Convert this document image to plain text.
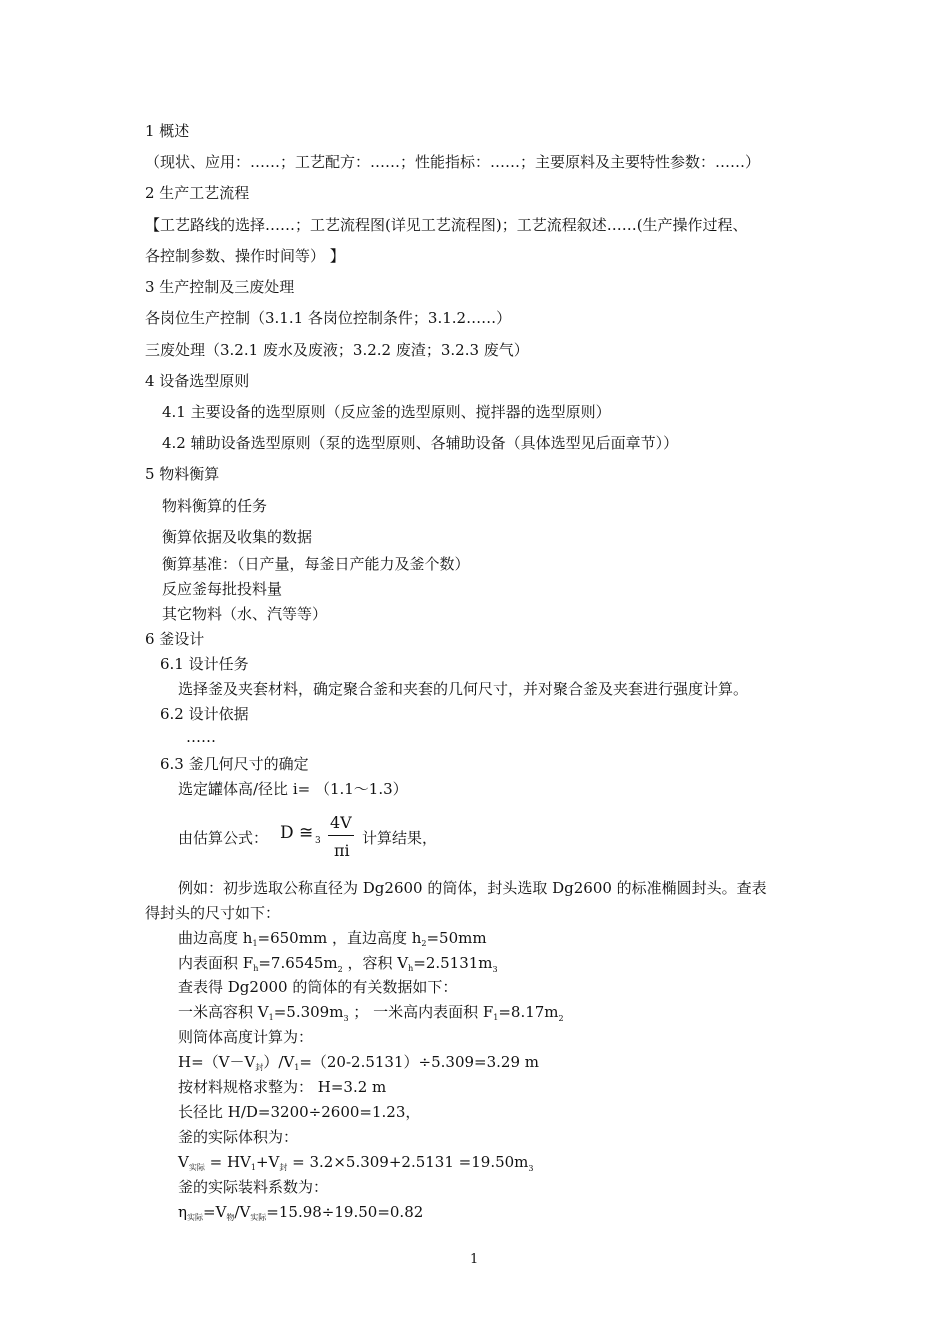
1 概述
（现状、应用：……；工艺配方：……；性能指标：……；主要原料及主要特性参数：……）
2 生产工艺流程
【工艺路线的选择……；工艺流程图(详见工艺流程图)；工艺流程叙述……(生产操作过程、
各控制参数、操作时间等） 】
3 生产控制及三废处理
各岗位生产控制（3.1.1 各岗位控制条件；3.1.2……）
三废处理（3.2.1 废水及废液；3.2.2 废渣；3.2.3 废气）
4 设备选型原则
4.1 主要设备的选型原则（反应釜的选型原则、搅拌器的选型原则）
4.2 辅助设备选型原则（泵的选型原则、各辅助设备（具体选型见后面章节））
5 物料衡算
物料衡算的任务
衡算依据及收集的数据
衡算基准：（日产量，每釜日产能力及釜个数）
反应釜每批投料量
其它物料（水、汽等等）
6 釜设计
6.1 设计任务
选择釜及夹套材料，确定聚合釜和夹套的几何尺寸，并对聚合釜及夹套进行强度计算。
6.2 设计依据
……
6.3 釜几何尺寸的确定
选定罐体高/径比 i= （1.1～1.3）
由估算公式： D ≅ 3
4V
πi
计算结果，
例如：初步选取公称直径为 Dg2600 的筒体，封头选取 Dg2600 的标准椭圆封头。查表
得封头的尺寸如下：
曲边高度 $h_1=650mm$ ，直边高度 $h_2=50mm$
内表面积 $F_h=7.6545m_2$ ，容积 $V_h=2.5131m_3$
查表得 Dg2000 的筒体的有关数据如下：
一米高容积 $V_1=5.309m_3$ ； 一米高内表面积 $F_1=8.17m_2$
则筒体高度计算为：
$H=(V-V_封)/V_1=(20-2.5131)\div 5.309=3.29$ m
按材料规格求整为： H=3.2 m
长径比 H/D=3200÷2600=1.23，
釜的实际体积为：
$V_{实际} = HV_1+V_封 = 3.2\times 5.309+2.5131 =19.50m_3$
釜的实际装料系数为：
$\eta_{实际}=V_物/V_{实际}=15.98\div 19.50=0.82$
1
